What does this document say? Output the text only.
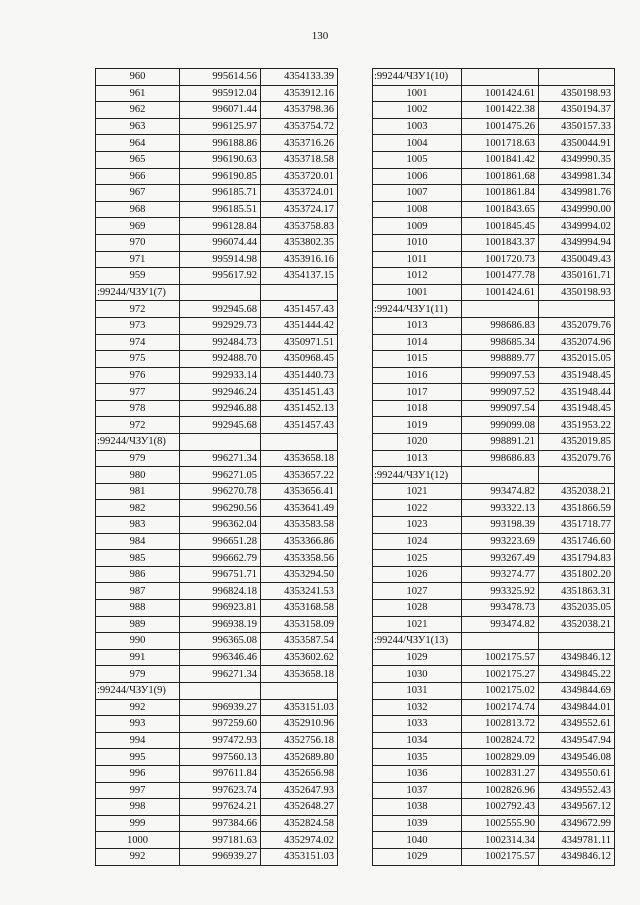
130
960	995614.56	4354133.39
961	995912.04	4353912.16
962	996071.44	4353798.36
963	996125.97	4353754.72
964	996188.86	4353716.26
965	996190.63	4353718.58
966	996190.85	4353720.01
967	996185.71	4353724.01
968	996185.51	4353724.17
969	996128.84	4353758.83
970	996074.44	4353802.35
971	995914.98	4353916.16
959	995617.92	4354137.15
:99244/ЧЗУ1(7)		
972	992945.68	4351457.43
973	992929.73	4351444.42
974	992484.73	4350971.51
975	992488.70	4350968.45
976	992933.14	4351440.73
977	992946.24	4351451.43
978	992946.88	4351452.13
972	992945.68	4351457.43
:99244/ЧЗУ1(8)		
979	996271.34	4353658.18
980	996271.05	4353657.22
981	996270.78	4353656.41
982	996290.56	4353641.49
983	996362.04	4353583.58
984	996651.28	4353366.86
985	996662.79	4353358.56
986	996751.71	4353294.50
987	996824.18	4353241.53
988	996923.81	4353168.58
989	996938.19	4353158.09
990	996365.08	4353587.54
991	996346.46	4353602.62
979	996271.34	4353658.18
:99244/ЧЗУ1(9)		
992	996939.27	4353151.03
993	997259.60	4352910.96
994	997472.93	4352756.18
995	997560.13	4352689.80
996	997611.84	4352656.98
997	997623.74	4352647.93
998	997624.21	4352648.27
999	997384.66	4352824.58
1000	997181.63	4352974.02
992	996939.27	4353151.03
:99244/ЧЗУ1(10)		
1001	1001424.61	4350198.93
1002	1001422.38	4350194.37
1003	1001475.26	4350157.33
1004	1001718.63	4350044.91
1005	1001841.42	4349990.35
1006	1001861.68	4349981.34
1007	1001861.84	4349981.76
1008	1001843.65	4349990.00
1009	1001845.45	4349994.02
1010	1001843.37	4349994.94
1011	1001720.73	4350049.43
1012	1001477.78	4350161.71
1001	1001424.61	4350198.93
:99244/ЧЗУ1(11)		
1013	998686.83	4352079.76
1014	998685.34	4352074.96
1015	998889.77	4352015.05
1016	999097.53	4351948.45
1017	999097.52	4351948.44
1018	999097.54	4351948.45
1019	999099.08	4351953.22
1020	998891.21	4352019.85
1013	998686.83	4352079.76
:99244/ЧЗУ1(12)		
1021	993474.82	4352038.21
1022	993322.13	4351866.59
1023	993198.39	4351718.77
1024	993223.69	4351746.60
1025	993267.49	4351794.83
1026	993274.77	4351802.20
1027	993325.92	4351863.31
1028	993478.73	4352035.05
1021	993474.82	4352038.21
:99244/ЧЗУ1(13)		
1029	1002175.57	4349846.12
1030	1002175.27	4349845.22
1031	1002175.02	4349844.69
1032	1002174.74	4349844.01
1033	1002813.72	4349552.61
1034	1002824.72	4349547.94
1035	1002829.09	4349546.08
1036	1002831.27	4349550.61
1037	1002826.96	4349552.43
1038	1002792.43	4349567.12
1039	1002555.90	4349672.99
1040	1002314.34	4349781.11
1029	1002175.57	4349846.12
